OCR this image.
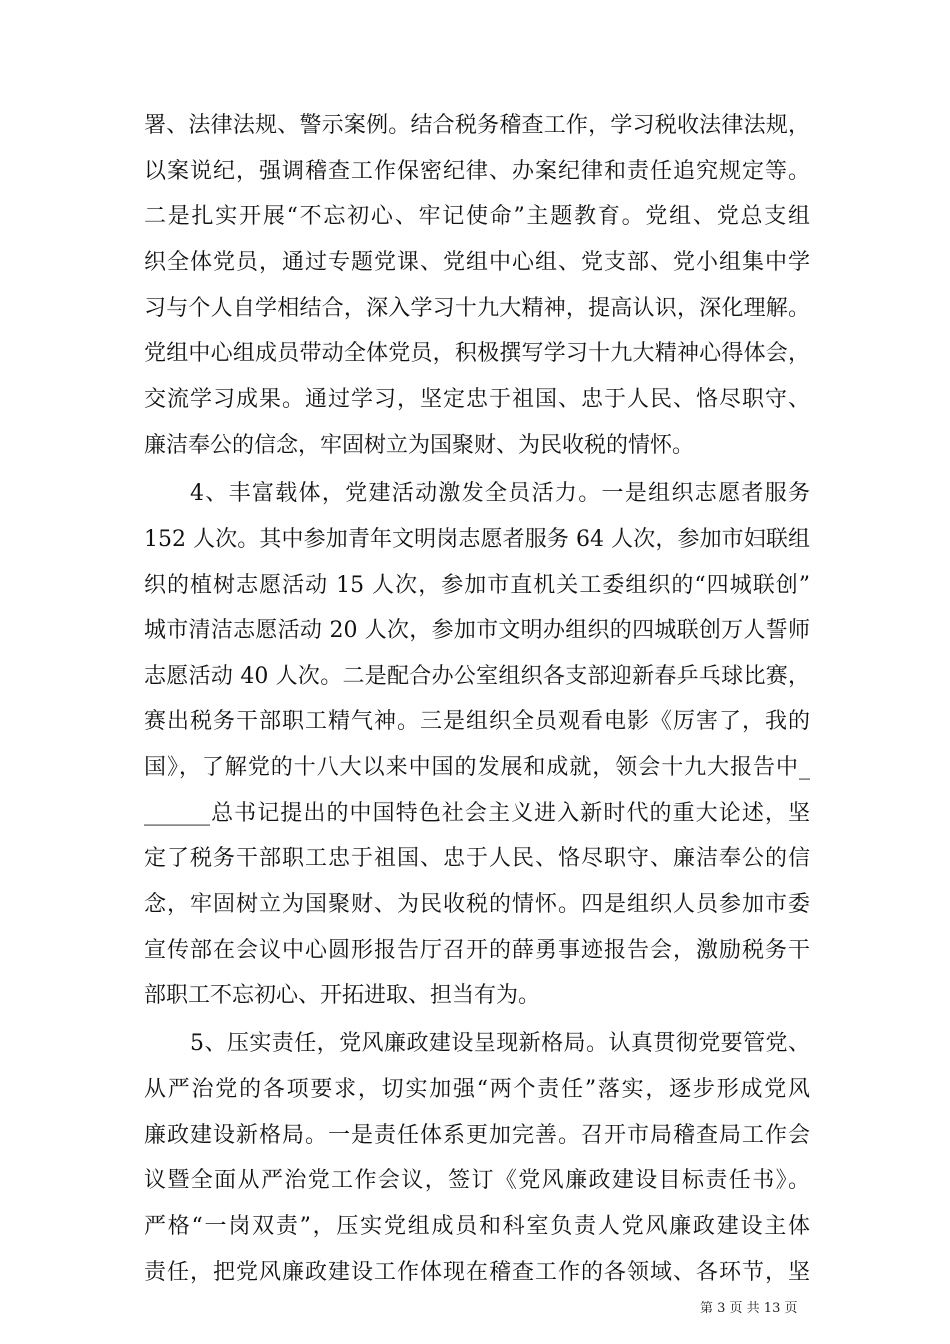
署、法律法规、警示案例。结合税务稽查工作，学习税收法律法规，
以案说纪，强调稽查工作保密纪律、办案纪律和责任追究规定等。
二是扎实开展“不忘初心、牢记使命”主题教育。党组、党总支组
织全体党员，通过专题党课、党组中心组、党支部、党小组集中学
习与个人自学相结合，深入学习十九大精神，提高认识，深化理解。
党组中心组成员带动全体党员，积极撰写学习十九大精神心得体会，
交流学习成果。通过学习，坚定忠于祖国、忠于人民、恪尽职守、
廉洁奉公的信念，牢固树立为国聚财、为民收税的情怀。
4、丰富载体，党建活动激发全员活力。一是组织志愿者服务
152 人次。其中参加青年文明岗志愿者服务 64 人次，参加市妇联组
织的植树志愿活动 15 人次，参加市直机关工委组织的“四城联创”
城市清洁志愿活动 20 人次，参加市文明办组织的四城联创万人誓师
志愿活动 40 人次。二是配合办公室组织各支部迎新春乒乓球比赛，
赛出税务干部职工精气神。三是组织全员观看电影《厉害了，我的
国》，了解党的十八大以来中国的发展和成就，领会十九大报告中_
______总书记提出的中国特色社会主义进入新时代的重大论述，坚
定了税务干部职工忠于祖国、忠于人民、恪尽职守、廉洁奉公的信
念，牢固树立为国聚财、为民收税的情怀。四是组织人员参加市委
宣传部在会议中心圆形报告厅召开的薛勇事迹报告会，激励税务干
部职工不忘初心、开拓进取、担当有为。
5、压实责任，党风廉政建设呈现新格局。认真贯彻党要管党、
从严治党的各项要求，切实加强“两个责任”落实，逐步形成党风
廉政建设新格局。一是责任体系更加完善。召开市局稽查局工作会
议暨全面从严治党工作会议，签订《党风廉政建设目标责任书》。
严格“一岗双责”，压实党组成员和科室负责人党风廉政建设主体
责任，把党风廉政建设工作体现在稽查工作的各领域、各环节，坚
第 3 页 共 13 页
